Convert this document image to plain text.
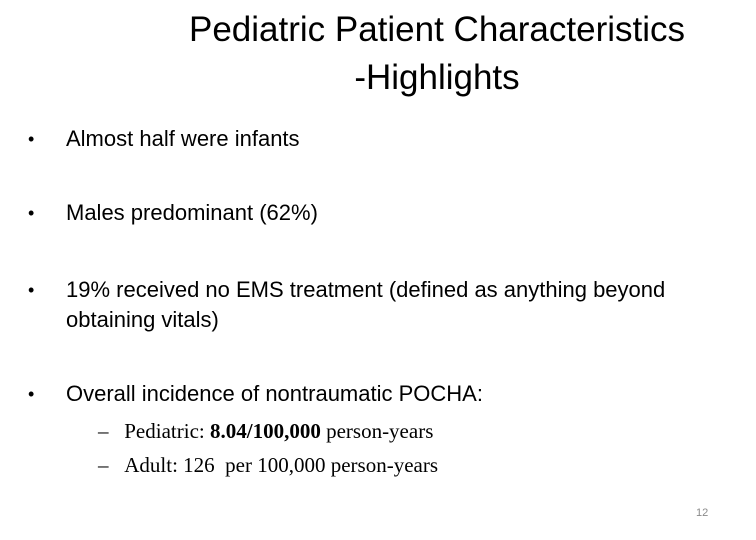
Pediatric Patient Characteristics
-Highlights
• Almost half were infants
• Males predominant (62%)
• 19% received no EMS treatment (defined as anything beyond obtaining vitals)
• Overall incidence of nontraumatic POCHA:
– Pediatric: 8.04/100,000 person-years
– Adult: 126  per 100,000 person-years
12
